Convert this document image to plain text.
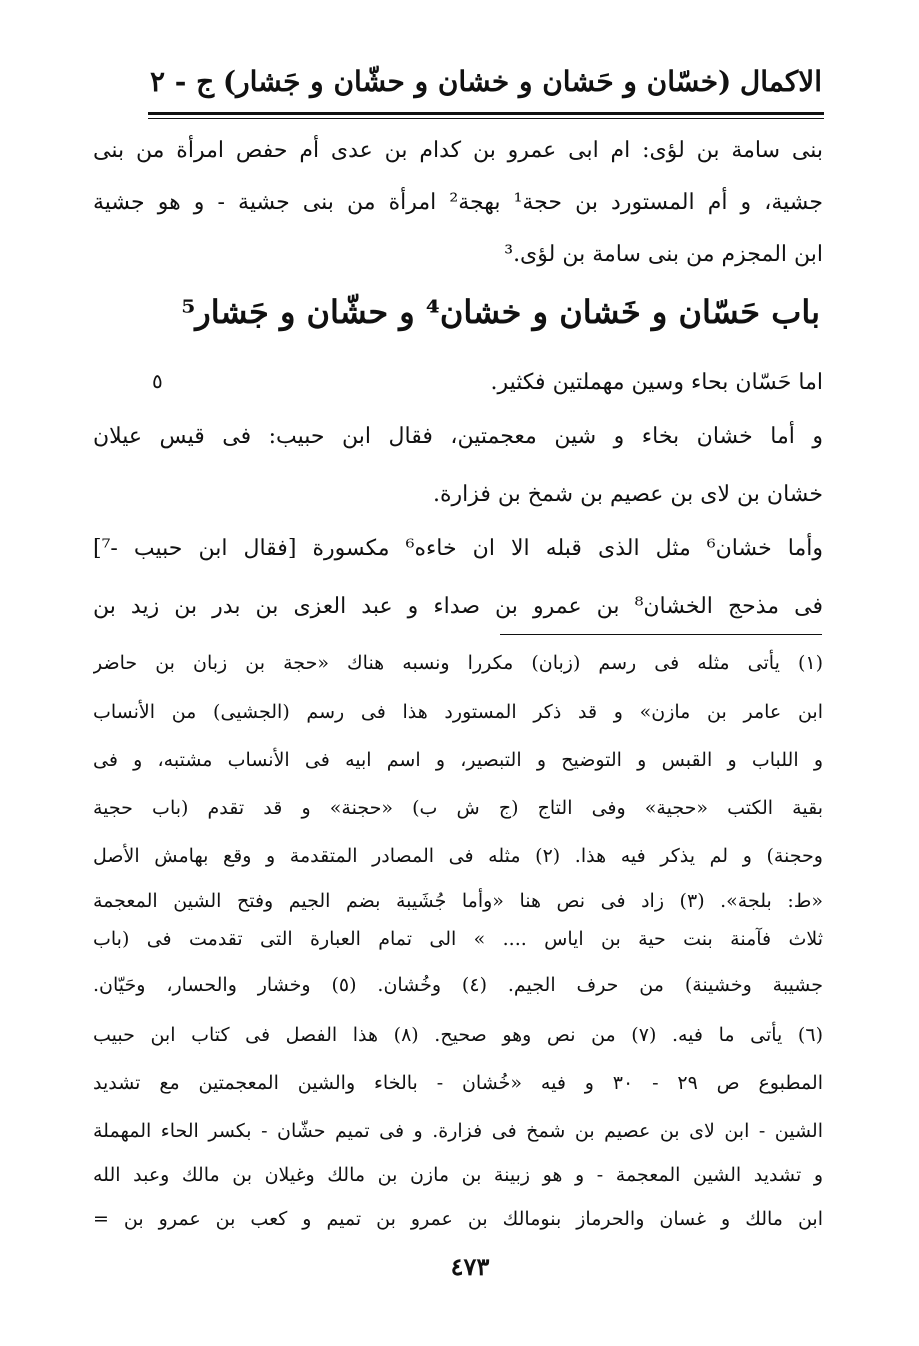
الاكمال
(خسّان و حَشان و خشان و حشّان و جَشار)
ج - ٢
بنى سامة بن لؤى: ام ابى عمرو بن كدام بن عدى أم حفص امرأة من بنى
جشية، و أم المستورد بن حجة¹ بهجة² امرأة من بنى جشية - و هو جشية
ابن المجزم من بنى سامة بن لؤى.³
باب حَسّان و خَشان و خشان⁴ و حشّان و جَشار⁵
اما حَسّان بحاء وسين مهملتين فكثير.
٥
و أما خشان بخاء و شين معجمتين، فقال ابن حبيب: فى قيس عيلان
خشان بن لاى بن عصيم بن شمخ بن فزارة.
وأما خشان⁶ مثل الذى قبله الا ان خاءه⁶ مكسورة [فقال ابن حبيب -⁷]
فى مذحج الخشان⁸ بن عمرو بن صداء و عبد العزى بن بدر بن زيد بن
(١) يأتى مثله فى رسم (زبان) مكررا ونسبه هناك «حجة بن زبان بن حاضر
ابن عامر بن مازن» و قد ذكر المستورد هذا فى رسم (الجشيى) من الأنساب
و اللباب و القبس و التوضيح و التبصير، و اسم ابيه فى الأنساب مشتبه، و فى
بقية الكتب «حجية» وفى التاج (ج ش ب) «حجنة» و قد تقدم (باب حجية
وحجنة) و لم يذكر فيه هذا. (٢) مثله فى المصادر المتقدمة و وقع بهامش الأصل
«ط: بلجة». (٣) زاد فى نص هنا «وأما جُشَيبة بضم الجيم وفتح الشين المعجمة
ثلاث فآمنة بنت حية بن اياس .... » الى تمام العبارة التى تقدمت فى (باب
جشيبة وخشينة) من حرف الجيم. (٤) وخُشان. (٥) وخشار والحسار، وحَيّان.
(٦) يأتى ما فيه. (٧) من نص وهو صحيح. (٨) هذا الفصل فى كتاب ابن حبيب
المطبوع ص ٢٩ - ٣٠ و فيه «خُشان - بالخاء والشين المعجمتين مع تشديد
الشين - ابن لاى بن عصيم بن شمخ فى فزارة. و فى تميم حشّان - بكسر الحاء المهملة
و تشديد الشين المعجمة - و هو زبينة بن مازن بن مالك وغيلان بن مالك وعبد الله
ابن مالك و غسان والحرماز بنومالك بن عمرو بن تميم و كعب بن عمرو بن =
٤٧٣
